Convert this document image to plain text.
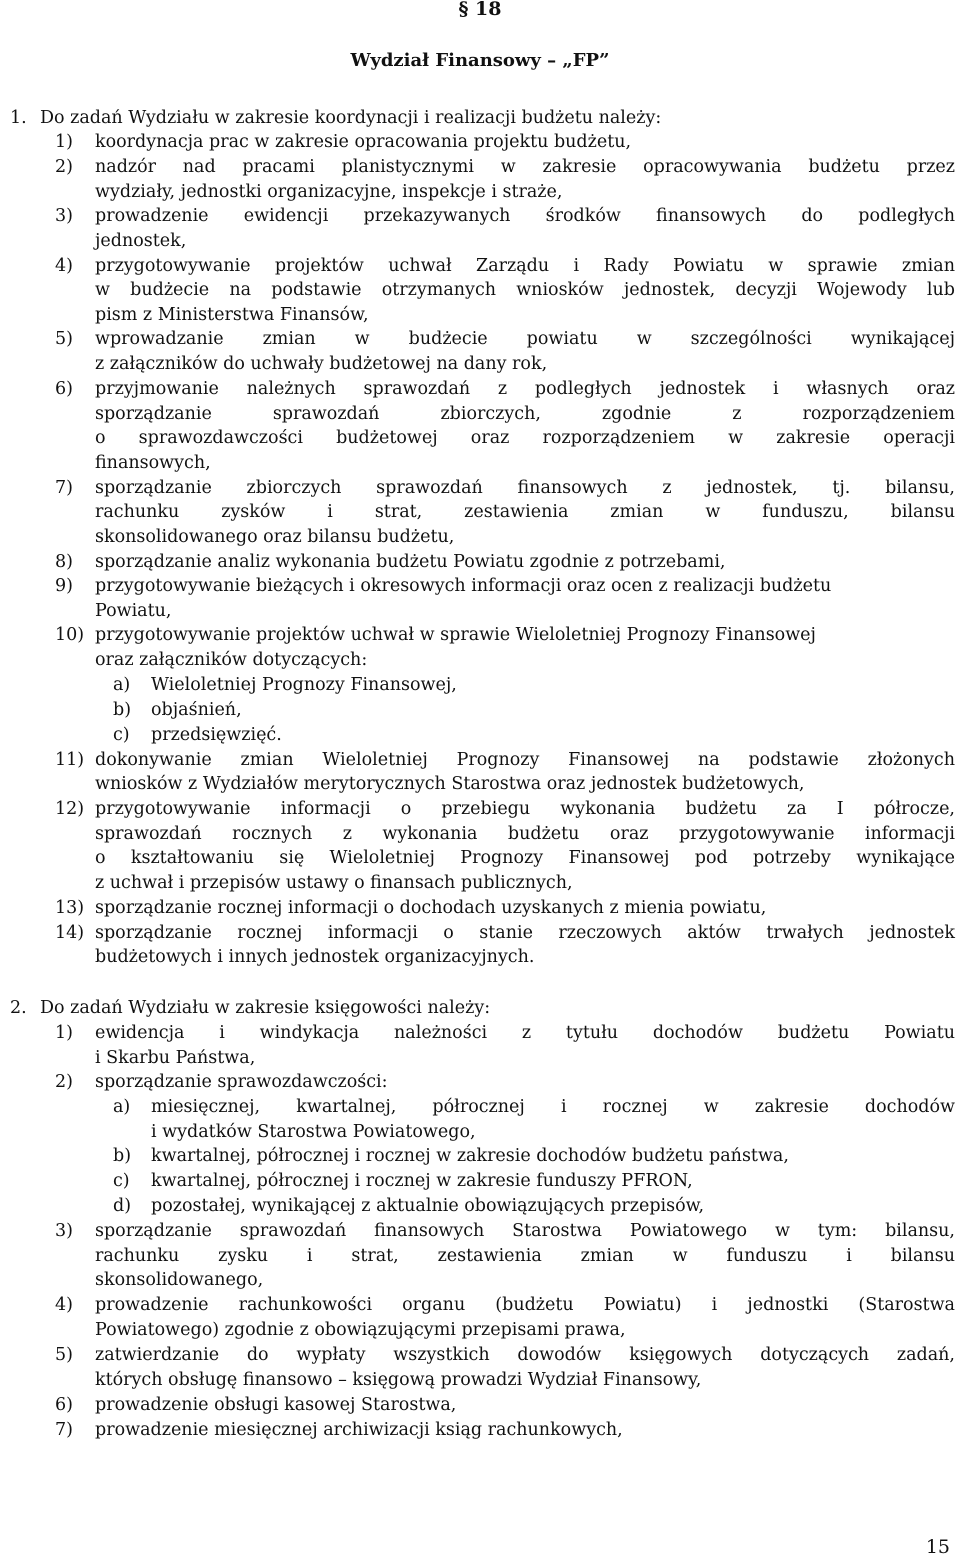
§ 18
Wydział Finansowy – „FP”
1. Do zadań Wydziału w zakresie koordynacji i realizacji budżetu należy:
1) koordynacja prac w zakresie opracowania projektu budżetu,
2) nadzór nad pracami planistycznymi w zakresie opracowywania budżetu przez
wydziały, jednostki organizacyjne, inspekcje i straże,
3) prowadzenie ewidencji przekazywanych środków finansowych do podległych
jednostek,
4) przygotowywanie projektów uchwał Zarządu i Rady Powiatu w sprawie zmian
w budżecie na podstawie otrzymanych wniosków jednostek, decyzji Wojewody lub
pism z Ministerstwa Finansów,
5) wprowadzanie zmian w budżecie powiatu w szczególności wynikającej
z załączników do uchwały budżetowej na dany rok,
6) przyjmowanie należnych sprawozdań z podległych jednostek i własnych oraz
sporządzanie sprawozdań zbiorczych, zgodnie z rozporządzeniem
o sprawozdawczości budżetowej oraz rozporządzeniem w zakresie operacji
finansowych,
7) sporządzanie zbiorczych sprawozdań finansowych z jednostek, tj. bilansu,
rachunku zysków i strat, zestawienia zmian w funduszu, bilansu
skonsolidowanego oraz bilansu budżetu,
8) sporządzanie analiz wykonania budżetu Powiatu zgodnie z potrzebami,
9) przygotowywanie bieżących i okresowych informacji oraz ocen z realizacji budżetu
Powiatu,
10) przygotowywanie projektów uchwał w sprawie Wieloletniej Prognozy Finansowej
oraz załączników dotyczących:
a) Wieloletniej Prognozy Finansowej,
b) objaśnień,
c) przedsięwzięć.
11) dokonywanie zmian Wieloletniej Prognozy Finansowej na podstawie złożonych
wniosków z Wydziałów merytorycznych Starostwa oraz jednostek budżetowych,
12) przygotowywanie informacji o przebiegu wykonania budżetu za I półrocze,
sprawozdań rocznych z wykonania budżetu oraz przygotowywanie informacji
o kształtowaniu się Wieloletniej Prognozy Finansowej pod potrzeby wynikające
z uchwał i przepisów ustawy o finansach publicznych,
13) sporządzanie rocznej informacji o dochodach uzyskanych z mienia powiatu,
14) sporządzanie rocznej informacji o stanie rzeczowych aktów trwałych jednostek
budżetowych i innych jednostek organizacyjnych.
2. Do zadań Wydziału w zakresie księgowości należy:
1) ewidencja i windykacja należności z tytułu dochodów budżetu Powiatu
i Skarbu Państwa,
2) sporządzanie sprawozdawczości:
a) miesięcznej, kwartalnej, półrocznej i rocznej w zakresie dochodów
i wydatków Starostwa Powiatowego,
b) kwartalnej, półrocznej i rocznej w zakresie dochodów budżetu państwa,
c) kwartalnej, półrocznej i rocznej w zakresie funduszy PFRON,
d) pozostałej, wynikającej z aktualnie obowiązujących przepisów,
3) sporządzanie sprawozdań finansowych Starostwa Powiatowego w tym: bilansu,
rachunku zysku i strat, zestawienia zmian w funduszu i bilansu
skonsolidowanego,
4) prowadzenie rachunkowości organu (budżetu Powiatu) i jednostki (Starostwa
Powiatowego) zgodnie z obowiązującymi przepisami prawa,
5) zatwierdzanie do wypłaty wszystkich dowodów księgowych dotyczących zadań,
których obsługę finansowo – księgową prowadzi Wydział Finansowy,
6) prowadzenie obsługi kasowej Starostwa,
7) prowadzenie miesięcznej archiwizacji ksiąg rachunkowych,
15
